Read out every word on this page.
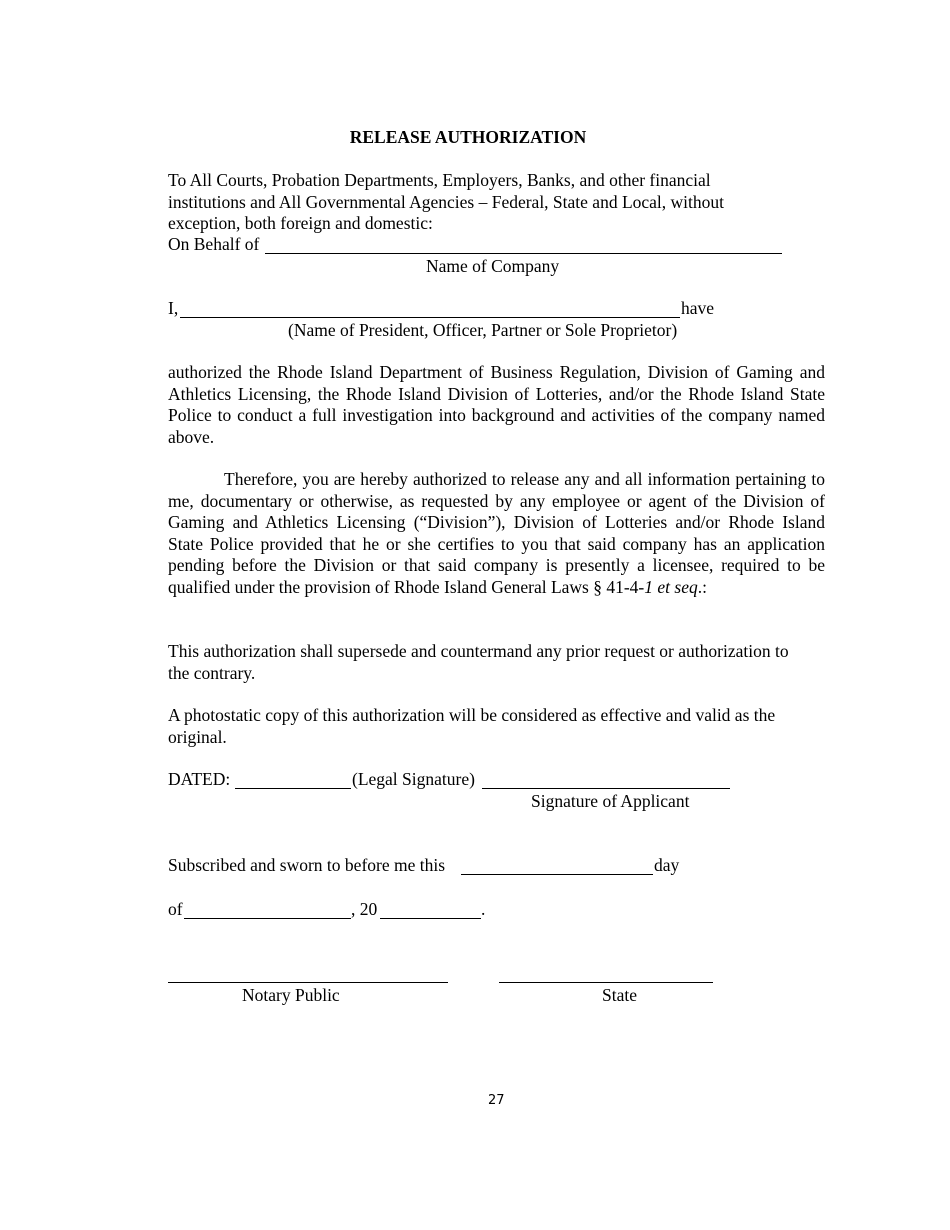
RELEASE AUTHORIZATION
To All Courts, Probation Departments, Employers, Banks, and other financial institutions and All Governmental Agencies – Federal, State and Local, without exception, both foreign and domestic:
On Behalf of
Name of Company
I,	have
(Name of President, Officer, Partner or Sole Proprietor)
authorized the Rhode Island Department of Business Regulation, Division of Gaming and Athletics Licensing, the Rhode Island Division of Lotteries, and/or the Rhode Island State Police to conduct a full investigation into background and activities of the company named above.
Therefore, you are hereby authorized to release any and all information pertaining to me, documentary or otherwise, as requested by any employee or agent of the Division of Gaming and Athletics Licensing (“Division”), Division of Lotteries and/or Rhode Island State Police provided that he or she certifies to you that said company has an application pending before the Division or that said company is presently a licensee, required to be qualified under the provision of Rhode Island General Laws § 41-4-1 et seq.:
This authorization shall supersede and countermand any prior request or authorization to the contrary.
A photostatic copy of this authorization will be considered as effective and valid as the original.
DATED:	(Legal Signature)
Signature of Applicant
Subscribed and sworn to before me this	day
of	, 20	.
Notary Public	State
27
